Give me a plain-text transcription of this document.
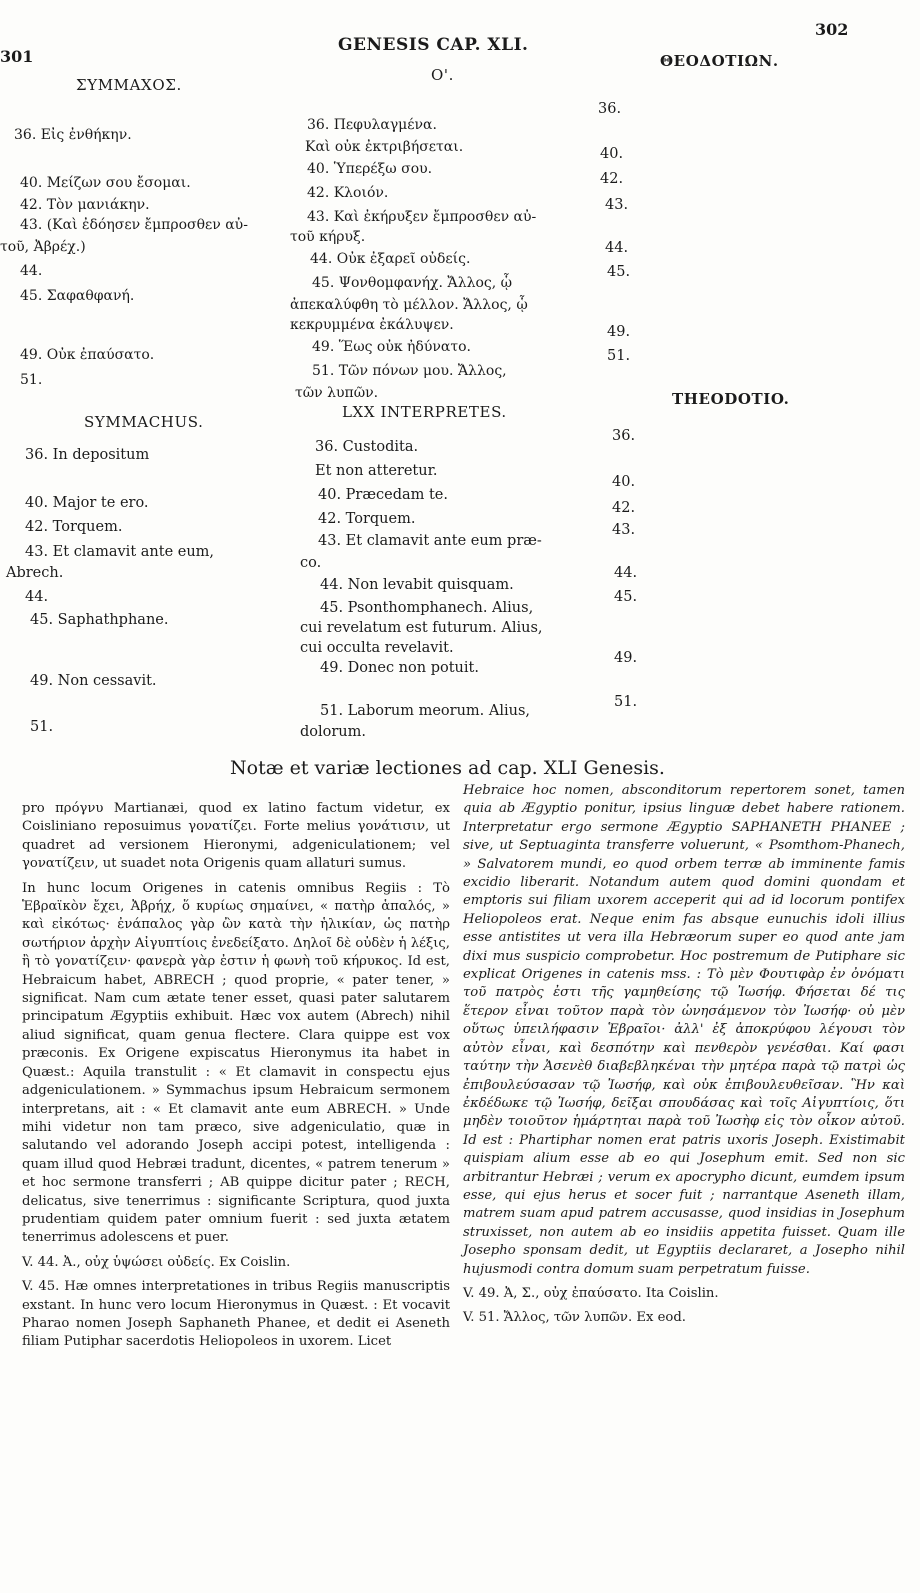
301
302
GENESIS CAP. XLI.
ΣΥΜΜΑΧΟΣ.
Ο'.
ΘΕΟΔΟΤΙΩΝ.
36. Εἰς ἐνθήκην.
40. Μείζων σου ἔσομαι.
42. Τὸν μανιάκην.
43. (Καὶ ἐδόησεν ἔμπροσθεν αὐ-
τοῦ, Ἀβρέχ.)
44.
45. Σαφαθφανή.
49. Οὐκ ἐπαύσατο.
51.
36. Πεφυλαγμένα.
Καὶ οὐκ ἐκτριβήσεται.
40. Ὑπερέξω σου.
42. Κλοιόν.
43. Καὶ ἐκήρυξεν ἔμπροσθεν αὐ-
τοῦ κήρυξ.
44. Οὐκ ἐξαρεῖ οὐδείς.
45. Ψονθομφανήχ. Ἄλλος, ᾧ
ἀπεκαλύφθη τὸ μέλλον. Ἄλλος, ᾧ
κεκρυμμένα ἐκάλυψεν.
49. Ἕως οὐκ ἠδύνατο.
51. Τῶν πόνων μου. Ἄλλος,
τῶν λυπῶν.
36.
40.
42.
43.
44.
45.
49.
51.
SYMMACHUS.
LXX INTERPRETES.
THEODOTIO.
36. In depositum
40. Major te ero.
42. Torquem.
43. Et clamavit ante eum,
Abrech.
44.
45. Saphathphane.
49. Non cessavit.
51.
36. Custodita.
Et non atteretur.
40. Præcedam te.
42. Torquem.
43. Et clamavit ante eum præ-
co.
44. Non levabit quisquam.
45. Psonthomphanech. Alius,
cui revelatum est futurum. Alius,
cui occulta revelavit.
49. Donec non potuit.
51. Laborum meorum. Alius,
dolorum.
36.
40.
42.
43.
44.
45.
49.
51.
Notæ et variæ lectiones ad cap. XLI Genesis.

pro πρόγνυ Martianæi, quod ex latino factum videtur, ex Coisliniano reposuimus γονατίζει. Forte melius γονάτισιν, ut quadret ad versionem Hieronymi, adgeniculationem; vel γονατίζειν, ut suadet nota Origenis quam allaturi sumus.

In hunc locum Origenes in catenis omnibus Regiis : Τὸ Ἑβραϊκὸν ἔχει, Ἀβρήχ, ὅ κυρίως σημαίνει, « πατὴρ ἁπαλός, » καὶ εἰκότως· ἐνάπαλος γὰρ ὢν κατὰ τὴν ἡλικίαν, ὡς πατὴρ σωτήριον ἀρχὴν Αἰγυπτίοις ἐνεδείξατο. Δηλοῖ δὲ οὐδὲν ἡ λέξις, ἢ τὸ γονατίζειν· φανερὰ γὰρ ἐστιν ἡ φωνὴ τοῦ κήρυκος. Id est, Hebraicum habet, ABRECH ; quod proprie, « pater tener, » significat. Nam cum ætate tener esset, quasi pater salutarem principatum Ægyptiis exhibuit. Hæc vox autem (Abrech) nihil aliud significat, quam genua flectere. Clara quippe est vox præconis. Ex Origene expiscatus Hieronymus ita habet in Quæst.: Aquila transtulit : « Et clamavit in conspectu ejus adgeniculationem. » Symmachus ipsum Hebraicum sermonem interpretans, ait : « Et clamavit ante eum ABRECH. » Unde mihi videtur non tam præco, sive adgeniculatio, quæ in salutando vel adorando Joseph accipi potest, intelligenda : quam illud quod Hebræi tradunt, dicentes, « patrem tenerum » et hoc sermone transferri ; AB quippe dicitur pater ; RECH, delicatus, sive tenerrimus : significante Scriptura, quod juxta prudentiam quidem pater omnium fuerit : sed juxta ætatem tenerrimus adolescens et puer.

V. 44. Ἀ., οὐχ ὑψώσει οὐδείς. Ex Coislin.

V. 45. Hæ omnes interpretationes in tribus Regiis manuscriptis exstant. In hunc vero locum Hieronymus in Quæst. : Et vocavit Pharao nomen Joseph Saphaneth Phanee, et dedit ei Aseneth filiam Putiphar sacerdotis Heliopoleos in uxorem. Licet

Hebraice hoc nomen, absconditorum repertorem sonet, tamen quia ab Ægyptio ponitur, ipsius linguæ debet habere rationem. Interpretatur ergo sermone Ægyptio SAPHANETH PHANEE ; sive, ut Septuaginta transferre voluerunt, « Psomthom-Phanech, » Salvatorem mundi, eo quod orbem terræ ab imminente famis excidio liberarit. Notandum autem quod domini quondam et emptoris sui filiam uxorem acceperit qui ad id locorum pontifex Heliopoleos erat. Neque enim fas absque eunuchis idoli illius esse antistites ut vera illa Hebræorum super eo quod ante jam dixi mus suspicio comprobetur. Hoc postremum de Putiphare sic explicat Origenes in catenis mss. : Τὸ μὲν Φουτιφὰρ ἐν ὀνόματι τοῦ πατρὸς ἐστι τῆς γαμηθείσης τῷ Ἰωσήφ. Φήσεται δέ τις ἕτερον εἶναι τοῦτον παρὰ τὸν ὠνησάμενον τὸν Ἰωσήφ· οὐ μὲν οὕτως ὑπειλήφασιν Ἑβραῖοι· ἀλλ' ἐξ ἀποκρύφου λέγουσι τὸν αὐτὸν εἶναι, καὶ δεσπότην καὶ πενθερὸν γενέσθαι. Καί φασι ταύτην τὴν Ἀσενὲθ διαβεβληκέναι τὴν μητέρα παρὰ τῷ πατρὶ ὡς ἐπιβουλεύσασαν τῷ Ἰωσήφ, καὶ οὐκ ἐπιβουλευθεῖσαν. Ἣν καὶ ἐκδέδωκε τῷ Ἰωσήφ, δεῖξαι σπουδάσας καὶ τοῖς Αἰγυπτίοις, ὅτι μηδὲν τοιοῦτον ἡμάρτηται παρὰ τοῦ Ἰωσὴφ εἰς τὸν οἶκον αὐτοῦ. Id est : Phartiphar nomen erat patris uxoris Joseph. Existimabit quispiam alium esse ab eo qui Josephum emit. Sed non sic arbitrantur Hebræi ; verum ex apocrypho dicunt, eumdem ipsum esse, qui ejus herus et socer fuit ; narrantque Aseneth illam, matrem suam apud patrem accusasse, quod insidias in Josephum struxisset, non autem ab eo insidiis appetita fuisset. Quam ille Josepho sponsam dedit, ut Egyptiis declararet, a Josepho nihil hujusmodi contra domum suam perpetratum fuisse.

V. 49. Ἀ, Σ., οὐχ ἐπαύσατο. Ita Coislin.

V. 51. Ἄλλος, τῶν λυπῶν. Ex eod.
